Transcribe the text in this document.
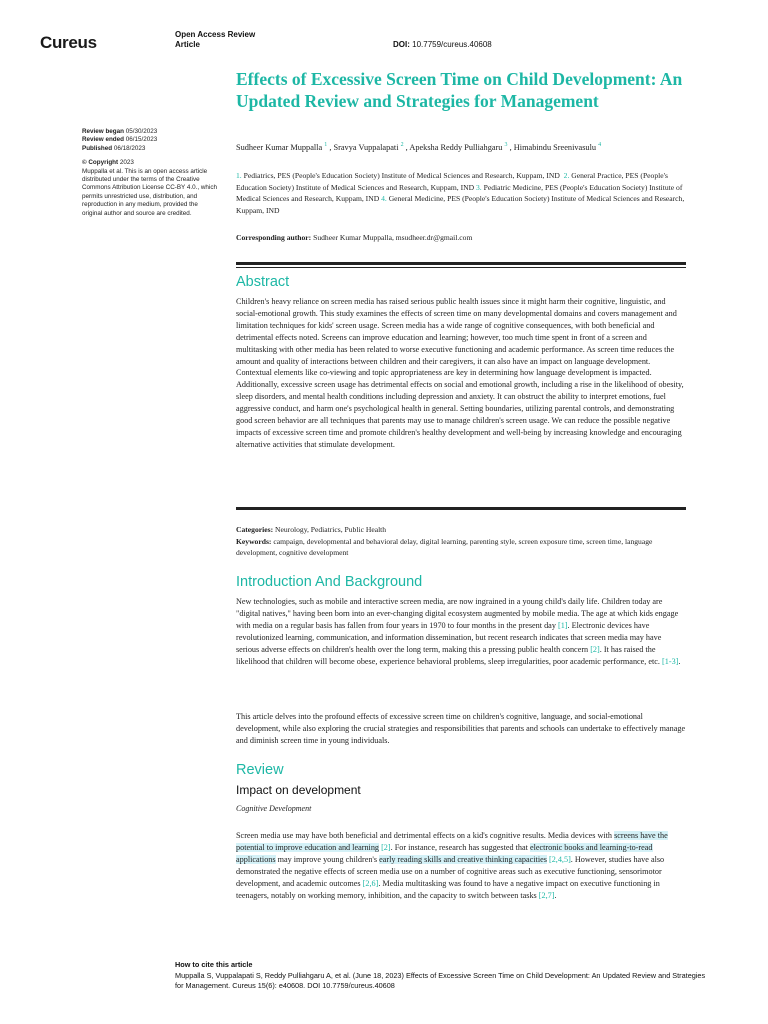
Cureus	Open Access Review
Article	DOI: 10.7759/cureus.40608
Review began 05/30/2023
Review ended 06/15/2023
Published 06/18/2023
© Copyright 2023
Muppalla et al. This is an open access article distributed under the terms of the Creative Commons Attribution License CC-BY 4.0., which permits unrestricted use, distribution, and reproduction in any medium, provided the original author and source are credited.
Effects of Excessive Screen Time on Child Development: An Updated Review and Strategies for Management
Sudheer Kumar Muppalla $^1$ , Sravya Vuppalapati $^2$ , Apeksha Reddy Pulliahgaru $^3$ , Himabindu Sreenivasulu $^4$
1. Pediatrics, PES (People's Education Society) Institute of Medical Sciences and Research, Kuppam, IND 2. General Practice, PES (People's Education Society) Institute of Medical Sciences and Research, Kuppam, IND 3. Pediatric Medicine, PES (People's Education Society) Institute of Medical Sciences and Research, Kuppam, IND 4. General Medicine, PES (People's Education Society) Institute of Medical Sciences and Research, Kuppam, IND
Corresponding author: Sudheer Kumar Muppalla, msudheer.dr@gmail.com
Abstract

Children's heavy reliance on screen media has raised serious public health issues since it might harm their cognitive, linguistic, and social-emotional growth. This study examines the effects of screen time on many developmental domains and covers management and limitation techniques for kids' screen usage. Screen media has a wide range of cognitive consequences, with both beneficial and detrimental effects noted. Screens can improve education and learning; however, too much time spent in front of a screen and multitasking with other media has been related to worse executive functioning and academic performance. As screen time reduces the amount and quality of interactions between children and their caregivers, it can also have an impact on language development. Contextual elements like co-viewing and topic appropriateness are key in determining how language development is impacted. Additionally, excessive screen usage has detrimental effects on social and emotional growth, including a rise in the likelihood of obesity, sleep disorders, and mental health conditions including depression and anxiety. It can obstruct the ability to interpret emotions, fuel aggressive conduct, and harm one's psychological health in general. Setting boundaries, utilizing parental controls, and demonstrating good screen behavior are all techniques that parents may use to manage children's screen usage. We can reduce the possible negative impacts of excessive screen time and promote children's healthy development and well-being by increasing knowledge and encouraging alternative activities that stimulate development.

Categories: Neurology, Pediatrics, Public Health
Keywords: campaign, developmental and behavioral delay, digital learning, parenting style, screen exposure time, screen time, language development, cognitive development
Introduction And Background

New technologies, such as mobile and interactive screen media, are now ingrained in a young child's daily life. Children today are "digital natives," having been born into an ever-changing digital ecosystem augmented by mobile media. The age at which kids engage with media on a regular basis has fallen from four years in 1970 to four months in the present day [1]. Electronic devices have revolutionized learning, communication, and information dissemination, but recent research indicates that screen media may have serious adverse effects on children's health over the long term, making this a pressing public health concern [2]. It has raised the likelihood that children will become obese, experience behavioral problems, sleep irregularities, poor academic performance, etc. [1-3].

This article delves into the profound effects of excessive screen time on children's cognitive, language, and social-emotional development, while also exploring the crucial strategies and responsibilities that parents and schools can undertake to effectively manage and diminish screen time in young individuals.

Review
Impact on development
Cognitive Development

Screen media use may have both beneficial and detrimental effects on a kid's cognitive results. Media devices with screens have the potential to improve education and learning [2]. For instance, research has suggested that electronic books and learning-to-read applications may improve young children's early reading skills and creative thinking capacities [2,4,5]. However, studies have also demonstrated the negative effects of screen media use on a number of cognitive areas such as executive functioning, sensorimotor development, and academic outcomes [2,6]. Media multitasking was found to have a negative impact on executive functioning in teenagers, notably on working memory, inhibition, and the capacity to switch between tasks [2,7].

How to cite this article
Muppalla S, Vuppalapati S, Reddy Pulliahgaru A, et al. (June 18, 2023) Effects of Excessive Screen Time on Child Development: An Updated Review and Strategies for Management. Cureus 15(6): e40608. DOI 10.7759/cureus.40608
